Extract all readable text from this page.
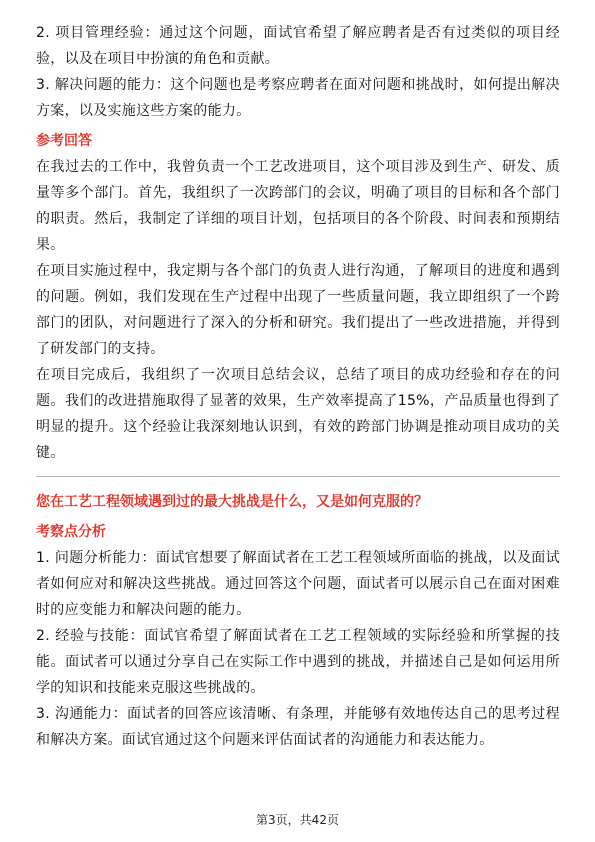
2. 项目管理经验：通过这个问题，面试官希望了解应聘者是否有过类似的项目经验，以及在项目中扮演的角色和贡献。

3. 解决问题的能力：这个问题也是考察应聘者在面对问题和挑战时，如何提出解决方案，以及实施这些方案的能力。

参考回答

在我过去的工作中，我曾负责一个工艺改进项目，这个项目涉及到生产、研发、质量等多个部门。首先，我组织了一次跨部门的会议，明确了项目的目标和各个部门的职责。然后，我制定了详细的项目计划，包括项目的各个阶段、时间表和预期结果。

在项目实施过程中，我定期与各个部门的负责人进行沟通，了解项目的进度和遇到的问题。例如，我们发现在生产过程中出现了一些质量问题，我立即组织了一个跨部门的团队，对问题进行了深入的分析和研究。我们提出了一些改进措施，并得到了研发部门的支持。

在项目完成后，我组织了一次项目总结会议，总结了项目的成功经验和存在的问题。我们的改进措施取得了显著的效果，生产效率提高了15%，产品质量也得到了明显的提升。这个经验让我深刻地认识到，有效的跨部门协调是推动项目成功的关键。

您在工艺工程领域遇到过的最大挑战是什么，又是如何克服的？
考察点分析

1. 问题分析能力：面试官想要了解面试者在工艺工程领域所面临的挑战，以及面试者如何应对和解决这些挑战。通过回答这个问题，面试者可以展示自己在面对困难时的应变能力和解决问题的能力。

2. 经验与技能：面试官希望了解面试者在工艺工程领域的实际经验和所掌握的技能。面试者可以通过分享自己在实际工作中遇到的挑战，并描述自己是如何运用所学的知识和技能来克服这些挑战的。

3. 沟通能力：面试者的回答应该清晰、有条理，并能够有效地传达自己的思考过程和解决方案。面试官通过这个问题来评估面试者的沟通能力和表达能力。

第3页，共42页
